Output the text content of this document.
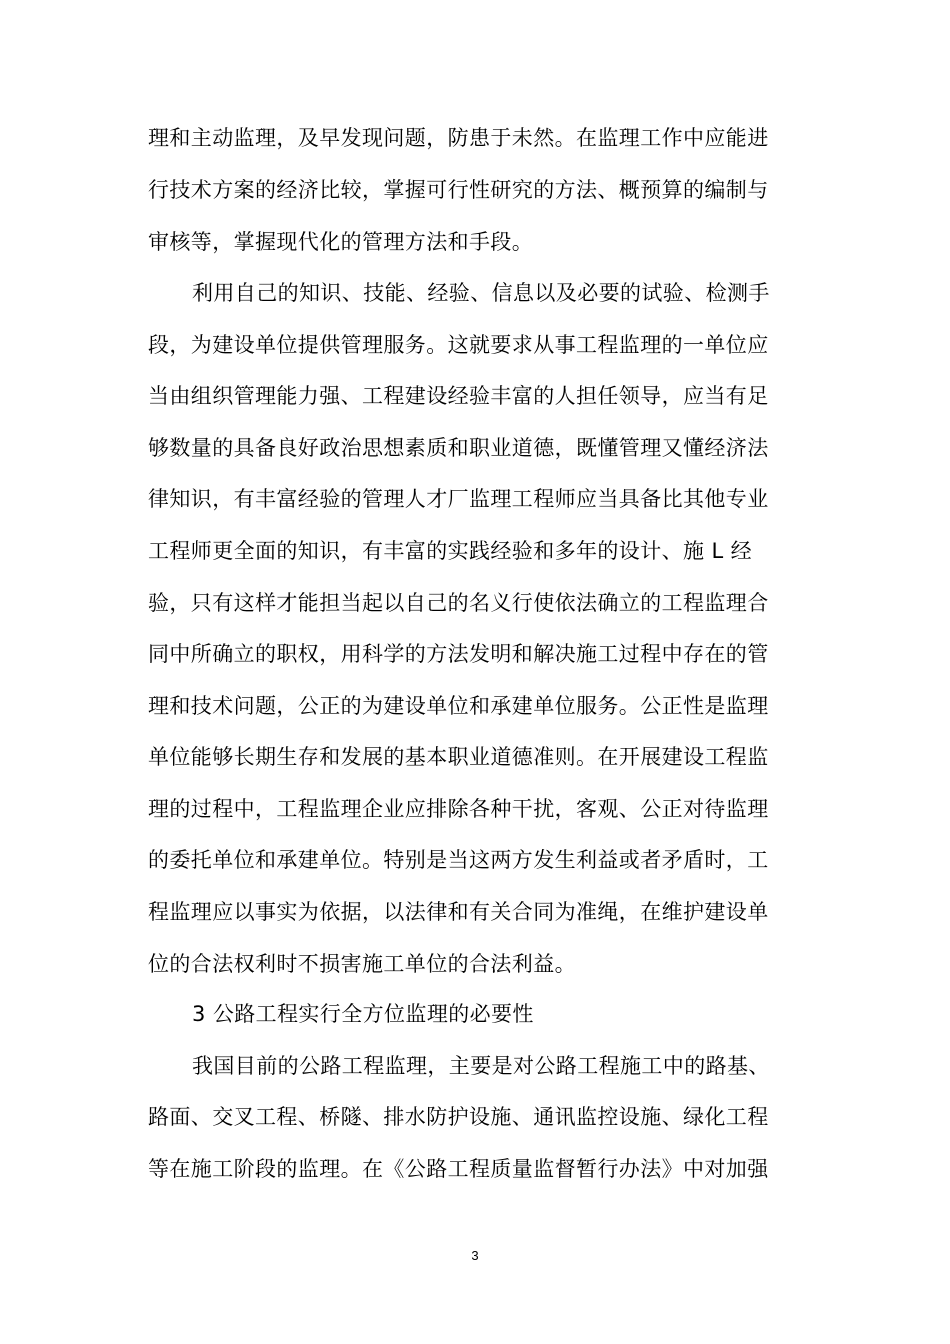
理和主动监理，及早发现问题，防患于未然。在监理工作中应能进
行技术方案的经济比较，掌握可行性研究的方法、概预算的编制与
审核等，掌握现代化的管理方法和手段。
利用自己的知识、技能、经验、信息以及必要的试验、检测手
段，为建设单位提供管理服务。这就要求从事工程监理的一单位应
当由组织管理能力强、工程建设经验丰富的人担任领导，应当有足
够数量的具备良好政治思想素质和职业道德，既懂管理又懂经济法
律知识，有丰富经验的管理人才厂监理工程师应当具备比其他专业
工程师更全面的知识，有丰富的实践经验和多年的设计、施 L 经
验，只有这样才能担当起以自己的名义行使依法确立的工程监理合
同中所确立的职权，用科学的方法发明和解决施工过程中存在的管
理和技术问题，公正的为建设单位和承建单位服务。公正性是监理
单位能够长期生存和发展的基本职业道德准则。在开展建设工程监
理的过程中，工程监理企业应排除各种干扰，客观、公正对待监理
的委托单位和承建单位。特别是当这两方发生利益或者矛盾时，工
程监理应以事实为依据，以法律和有关合同为准绳，在维护建设单
位的合法权利时不损害施工单位的合法利益。
3 公路工程实行全方位监理的必要性
我国目前的公路工程监理，主要是对公路工程施工中的路基、
路面、交叉工程、桥隧、排水防护设施、通讯监控设施、绿化工程
等在施工阶段的监理。在《公路工程质量监督暂行办法》中对加强
3
